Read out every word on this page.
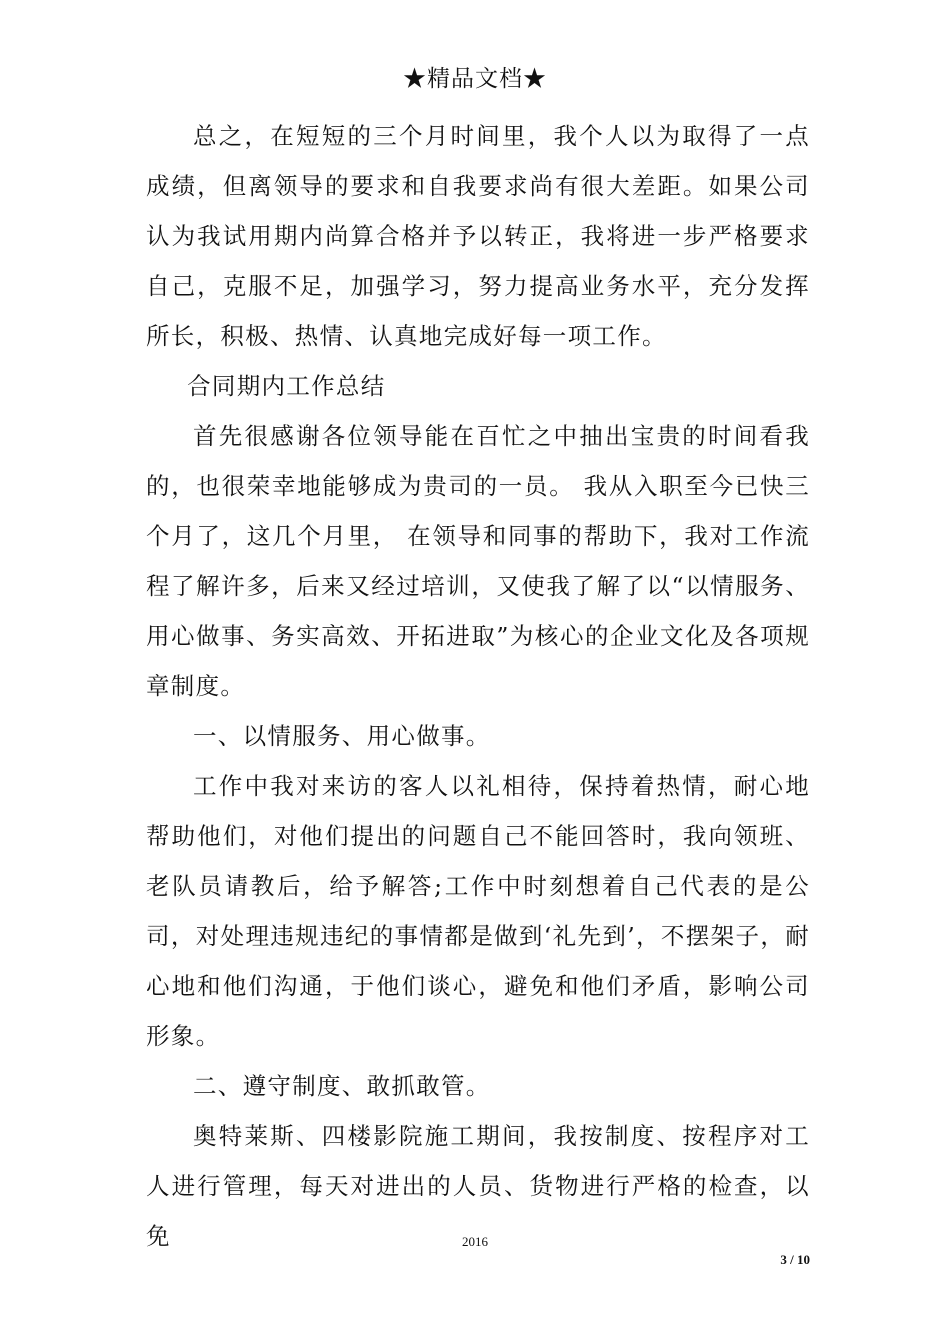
★精品文档★

总之，在短短的三个月时间里，我个人以为取得了一点成绩，但离领导的要求和自我要求尚有很大差距。如果公司认为我试用期内尚算合格并予以转正，我将进一步严格要求自己，克服不足，加强学习，努力提高业务水平，充分发挥所长，积极、热情、认真地完成好每一项工作。

合同期内工作总结

首先很感谢各位领导能在百忙之中抽出宝贵的时间看我的，也很荣幸地能够成为贵司的一员。 我从入职至今已快三个月了，这几个月里， 在领导和同事的帮助下，我对工作流程了解许多，后来又经过培训，又使我了解了以“以情服务、用心做事、务实高效、开拓进取”为核心的企业文化及各项规章制度。

一、以情服务、用心做事。

工作中我对来访的客人以礼相待，保持着热情，耐心地帮助他们，对他们提出的问题自己不能回答时，我向领班、老队员请教后，给予解答;工作中时刻想着自己代表的是公司，对处理违规违纪的事情都是做到‘礼先到’，不摆架子，耐心地和他们沟通，于他们谈心，避免和他们矛盾，影响公司形象。

二、遵守制度、敢抓敢管。

奥特莱斯、四楼影院施工期间，我按制度、按程序对工人进行管理，每天对进出的人员、货物进行严格的检查，以免	2016
3 / 10
